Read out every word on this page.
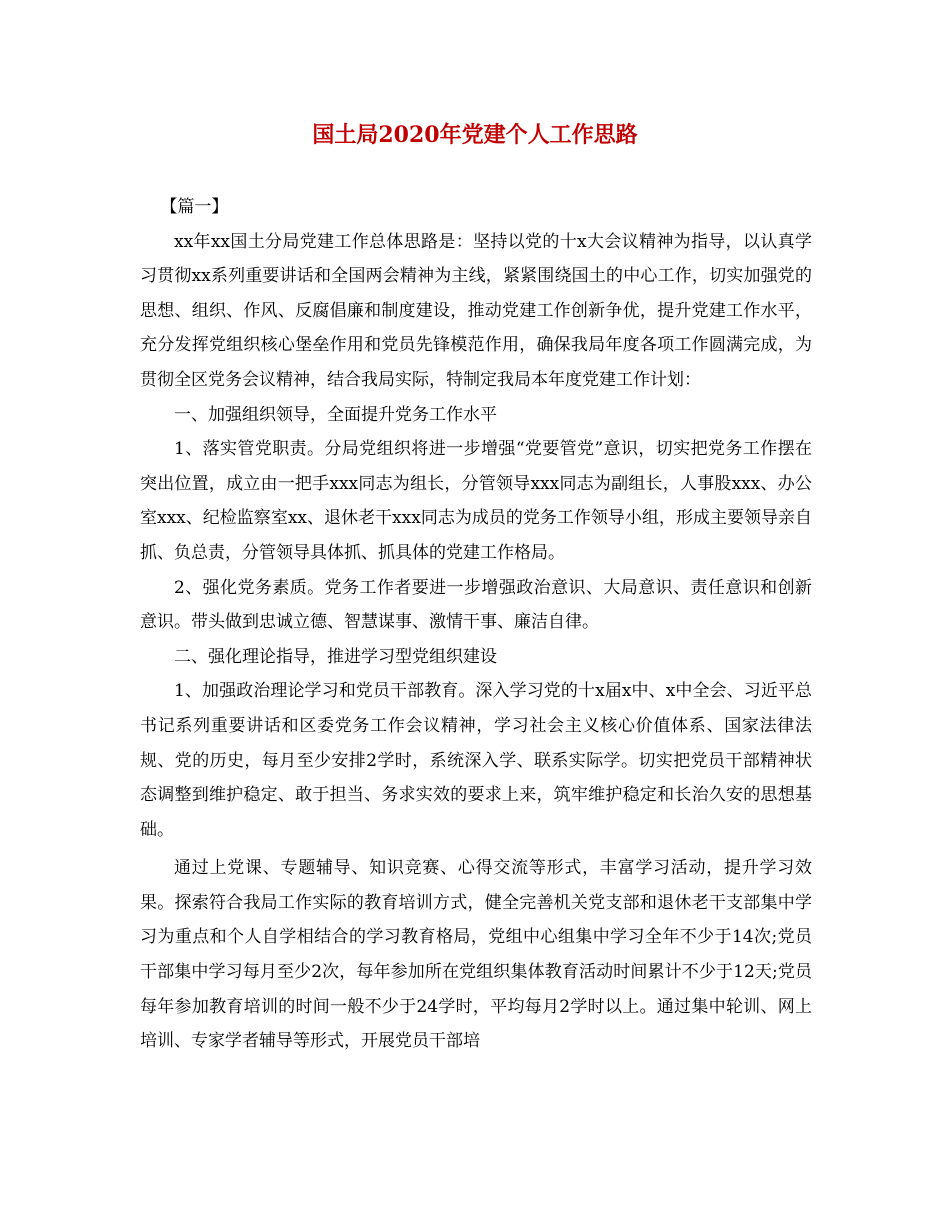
国土局2020年党建个人工作思路

【篇一】

xx年xx国土分局党建工作总体思路是：坚持以党的十x大会议精神为指导，以认真学习贯彻xx系列重要讲话和全国两会精神为主线，紧紧围绕国土的中心工作，切实加强党的思想、组织、作风、反腐倡廉和制度建设，推动党建工作创新争优，提升党建工作水平，充分发挥党组织核心堡垒作用和党员先锋模范作用，确保我局年度各项工作圆满完成，为贯彻全区党务会议精神，结合我局实际，特制定我局本年度党建工作计划：

一、加强组织领导，全面提升党务工作水平

1、落实管党职责。分局党组织将进一步增强“党要管党”意识，切实把党务工作摆在突出位置，成立由一把手xxx同志为组长，分管领导xxx同志为副组长，人事股xxx、办公室xxx、纪检监察室xx、退休老干xxx同志为成员的党务工作领导小组，形成主要领导亲自抓、负总责，分管领导具体抓、抓具体的党建工作格局。

2、强化党务素质。党务工作者要进一步增强政治意识、大局意识、责任意识和创新意识。带头做到忠诚立德、智慧谋事、激情干事、廉洁自律。

二、强化理论指导，推进学习型党组织建设

1、加强政治理论学习和党员干部教育。深入学习党的十x届x中、x中全会、习近平总书记系列重要讲话和区委党务工作会议精神，学习社会主义核心价值体系、国家法律法规、党的历史，每月至少安排2学时，系统深入学、联系实际学。切实把党员干部精神状态调整到维护稳定、敢于担当、务求实效的要求上来，筑牢维护稳定和长治久安的思想基础。

通过上党课、专题辅导、知识竞赛、心得交流等形式，丰富学习活动，提升学习效果。探索符合我局工作实际的教育培训方式，健全完善机关党支部和退休老干支部集中学习为重点和个人自学相结合的学习教育格局，党组中心组集中学习全年不少于14次;党员干部集中学习每月至少2次，每年参加所在党组织集体教育活动时间累计不少于12天;党员每年参加教育培训的时间一般不少于24学时，平均每月2学时以上。通过集中轮训、网上培训、专家学者辅导等形式，开展党员干部培
